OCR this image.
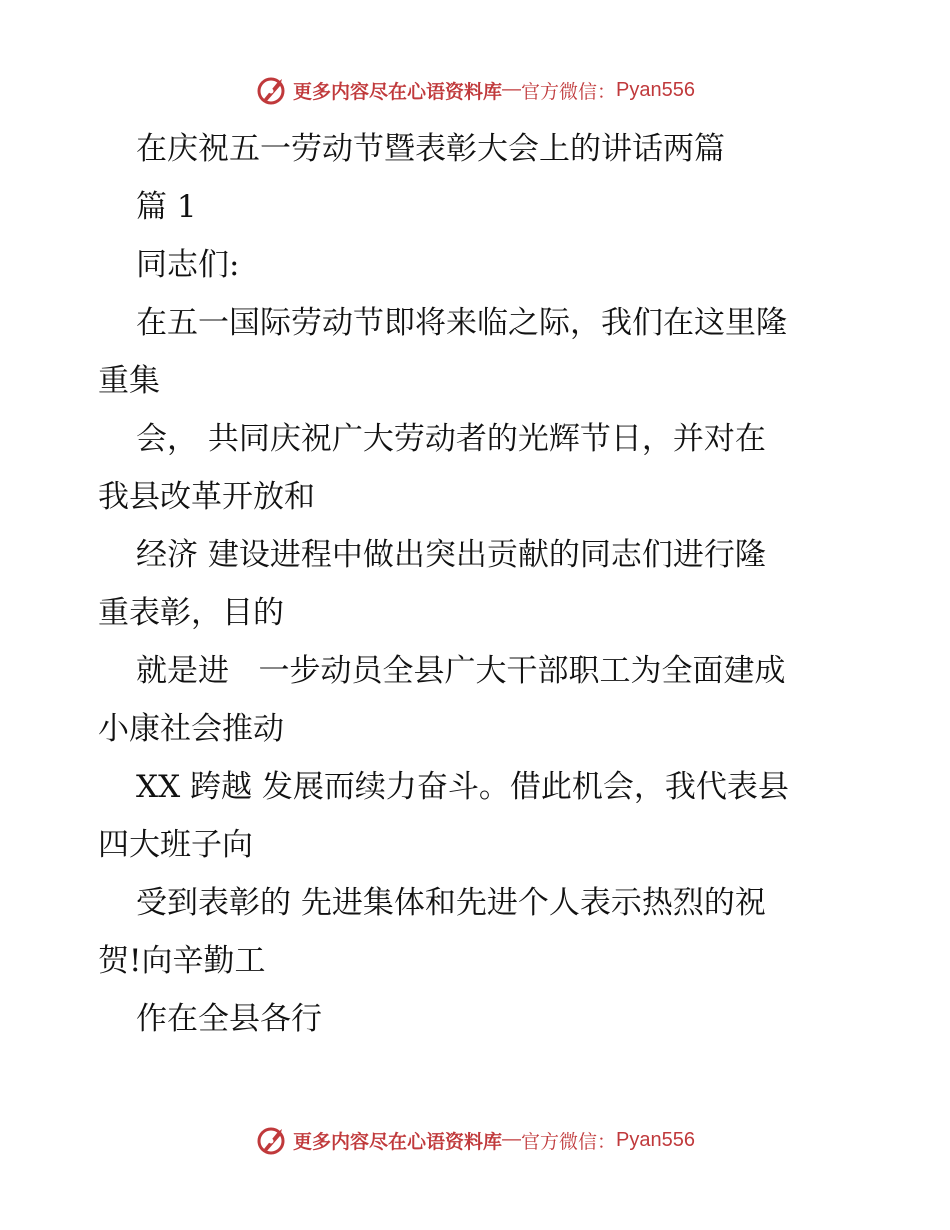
更多内容尽在心语资料库 — 官方微信： Pyan556

在庆祝五一劳动节暨表彰大会上的讲话两篇

篇 1

同志们:

在五一国际劳动节即将来临之际，我们在这里隆

重集

会， 共同庆祝广大劳动者的光辉节日，并对在

我县改革开放和

经济 建设进程中做出突出贡献的同志们进行隆

重表彰，目的

就是进   一步动员全县广大干部职工为全面建成

小康社会推动

XX 跨越 发展而续力奋斗。借此机会，我代表县

四大班子向

受到表彰的 先进集体和先进个人表示热烈的祝

贺!向辛勤工

作在全县各行

更多内容尽在心语资料库 — 官方微信： Pyan556
